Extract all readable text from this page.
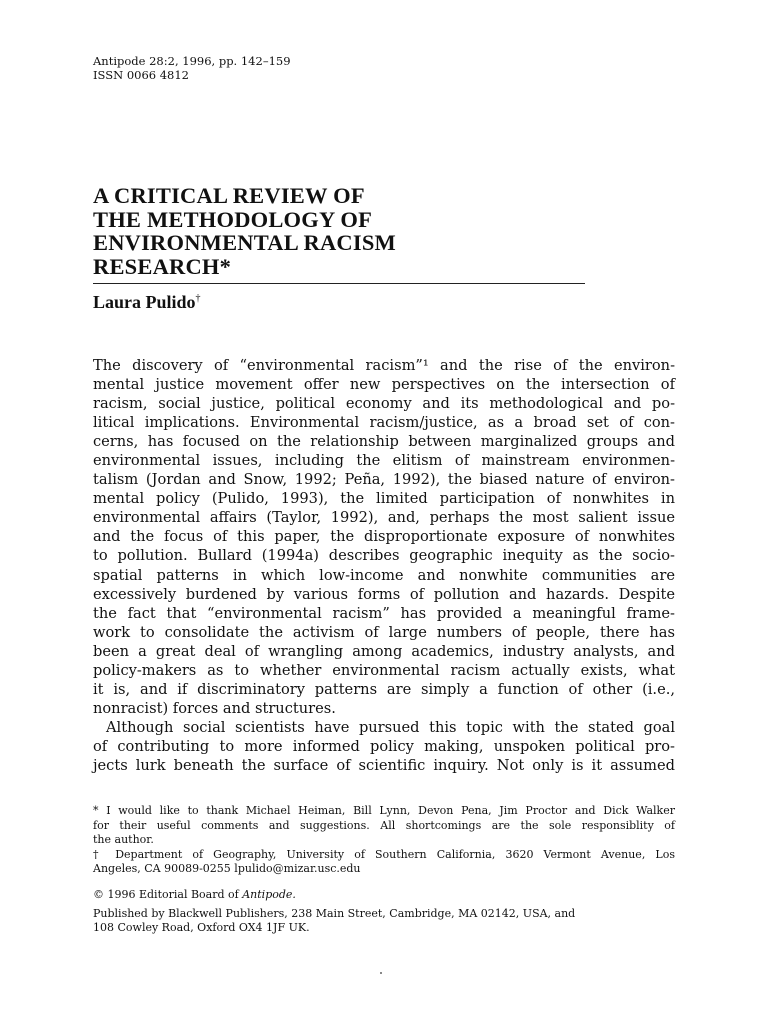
Antipode 28:2, 1996, pp. 142–159
ISSN 0066 4812
A CRITICAL REVIEW OF
THE METHODOLOGY OF
ENVIRONMENTAL RACISM
RESEARCH*
Laura Pulido†
The discovery of “environmental racism”¹ and the rise of the environ-
mental justice movement offer new perspectives on the intersection of
racism, social justice, political economy and its methodological and po-
litical implications. Environmental racism/justice, as a broad set of con-
cerns, has focused on the relationship between marginalized groups and
environmental issues, including the elitism of mainstream environmen-
talism (Jordan and Snow, 1992; Peña, 1992), the biased nature of environ-
mental policy (Pulido, 1993), the limited participation of nonwhites in
environmental affairs (Taylor, 1992), and, perhaps the most salient issue
and the focus of this paper, the disproportionate exposure of nonwhites
to pollution. Bullard (1994a) describes geographic inequity as the socio-
spatial patterns in which low-income and nonwhite communities are
excessively burdened by various forms of pollution and hazards. Despite
the fact that “environmental racism” has provided a meaningful frame-
work to consolidate the activism of large numbers of people, there has
been a great deal of wrangling among academics, industry analysts, and
policy-makers as to whether environmental racism actually exists, what
it is, and if discriminatory patterns are simply a function of other (i.e.,
nonracist) forces and structures.
Although social scientists have pursued this topic with the stated goal
of contributing to more informed policy making, unspoken political pro-
jects lurk beneath the surface of scientific inquiry. Not only is it assumed
* I would like to thank Michael Heiman, Bill Lynn, Devon Pena, Jim Proctor and Dick Walker
for their useful comments and suggestions. All shortcomings are the sole responsiblity of
the author.
† Department of Geography, University of Southern California, 3620 Vermont Avenue, Los
Angeles, CA 90089-0255 lpulido@mizar.usc.edu
© 1996 Editorial Board of Antipode.
Published by Blackwell Publishers, 238 Main Street, Cambridge, MA 02142, USA, and
108 Cowley Road, Oxford OX4 1JF UK.
